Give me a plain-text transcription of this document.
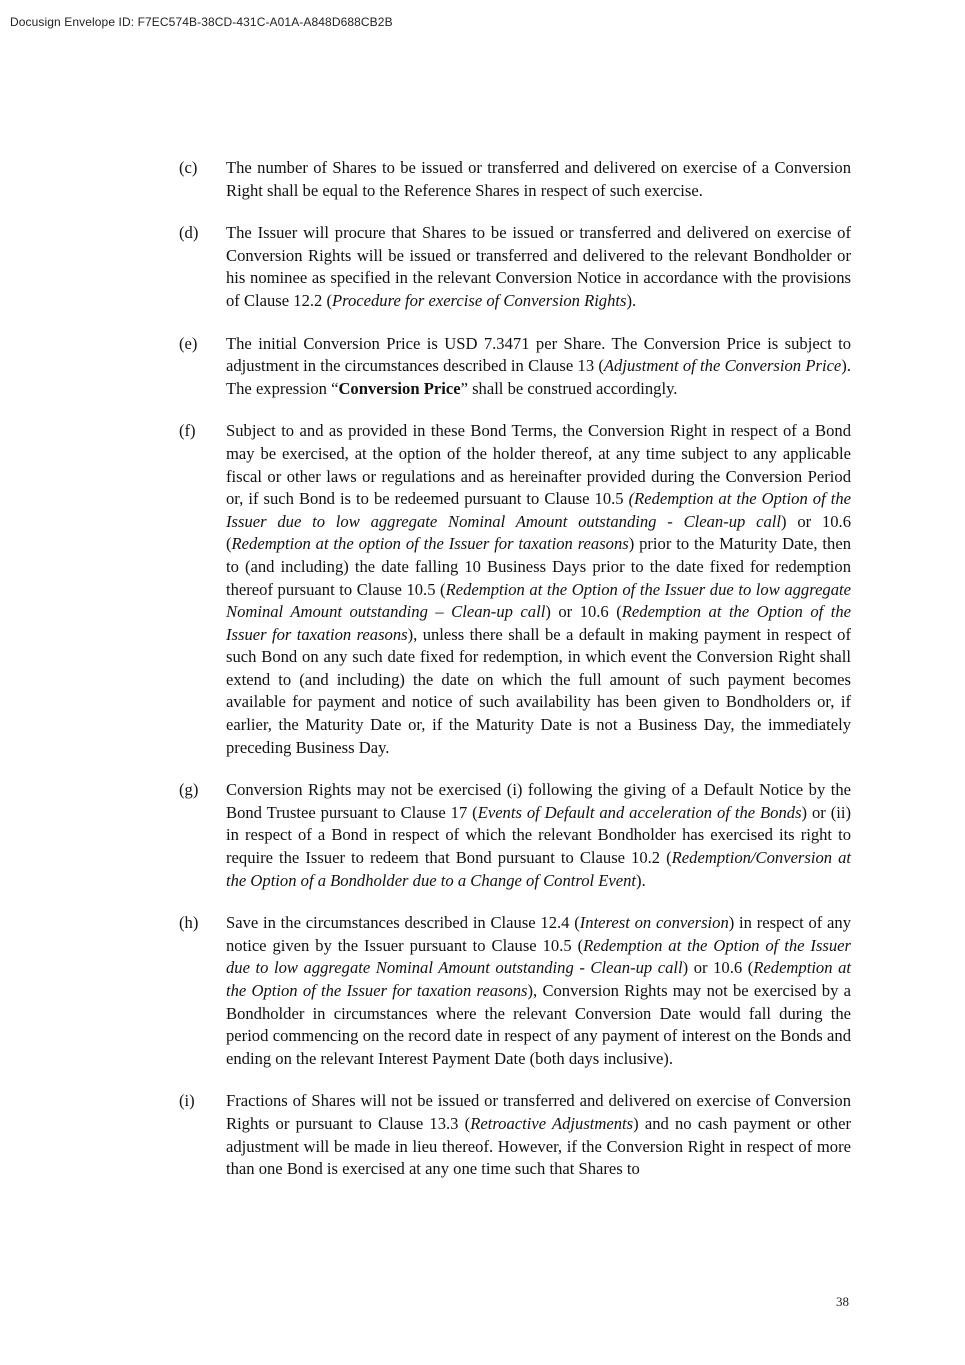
Docusign Envelope ID: F7EC574B-38CD-431C-A01A-A848D688CB2B
(c)	The number of Shares to be issued or transferred and delivered on exercise of a Conversion Right shall be equal to the Reference Shares in respect of such exercise.

(d)	The Issuer will procure that Shares to be issued or transferred and delivered on exercise of Conversion Rights will be issued or transferred and delivered to the relevant Bondholder or his nominee as specified in the relevant Conversion Notice in accordance with the provisions of Clause 12.2 (Procedure for exercise of Conversion Rights).

(e)	The initial Conversion Price is USD 7.3471 per Share. The Conversion Price is subject to adjustment in the circumstances described in Clause 13 (Adjustment of the Conversion Price). The expression “Conversion Price” shall be construed accordingly.

(f)	Subject to and as provided in these Bond Terms, the Conversion Right in respect of a Bond may be exercised, at the option of the holder thereof, at any time subject to any applicable fiscal or other laws or regulations and as hereinafter provided during the Conversion Period or, if such Bond is to be redeemed pursuant to Clause 10.5 (Redemption at the Option of the Issuer due to low aggregate Nominal Amount outstanding - Clean-up call) or 10.6 (Redemption at the option of the Issuer for taxation reasons) prior to the Maturity Date, then to (and including) the date falling 10 Business Days prior to the date fixed for redemption thereof pursuant to Clause 10.5 (Redemption at the Option of the Issuer due to low aggregate Nominal Amount outstanding – Clean-up call) or 10.6 (Redemption at the Option of the Issuer for taxation reasons), unless there shall be a default in making payment in respect of such Bond on any such date fixed for redemption, in which event the Conversion Right shall extend to (and including) the date on which the full amount of such payment becomes available for payment and notice of such availability has been given to Bondholders or, if earlier, the Maturity Date or, if the Maturity Date is not a Business Day, the immediately preceding Business Day.

(g)	Conversion Rights may not be exercised (i) following the giving of a Default Notice by the Bond Trustee pursuant to Clause 17 (Events of Default and acceleration of the Bonds) or (ii) in respect of a Bond in respect of which the relevant Bondholder has exercised its right to require the Issuer to redeem that Bond pursuant to Clause 10.2 (Redemption/Conversion at the Option of a Bondholder due to a Change of Control Event).

(h)	Save in the circumstances described in Clause 12.4 (Interest on conversion) in respect of any notice given by the Issuer pursuant to Clause 10.5 (Redemption at the Option of the Issuer due to low aggregate Nominal Amount outstanding - Clean-up call) or 10.6 (Redemption at the Option of the Issuer for taxation reasons), Conversion Rights may not be exercised by a Bondholder in circumstances where the relevant Conversion Date would fall during the period commencing on the record date in respect of any payment of interest on the Bonds and ending on the relevant Interest Payment Date (both days inclusive).

(i)	Fractions of Shares will not be issued or transferred and delivered on exercise of Conversion Rights or pursuant to Clause 13.3 (Retroactive Adjustments) and no cash payment or other adjustment will be made in lieu thereof. However, if the Conversion Right in respect of more than one Bond is exercised at any one time such that Shares to

38
